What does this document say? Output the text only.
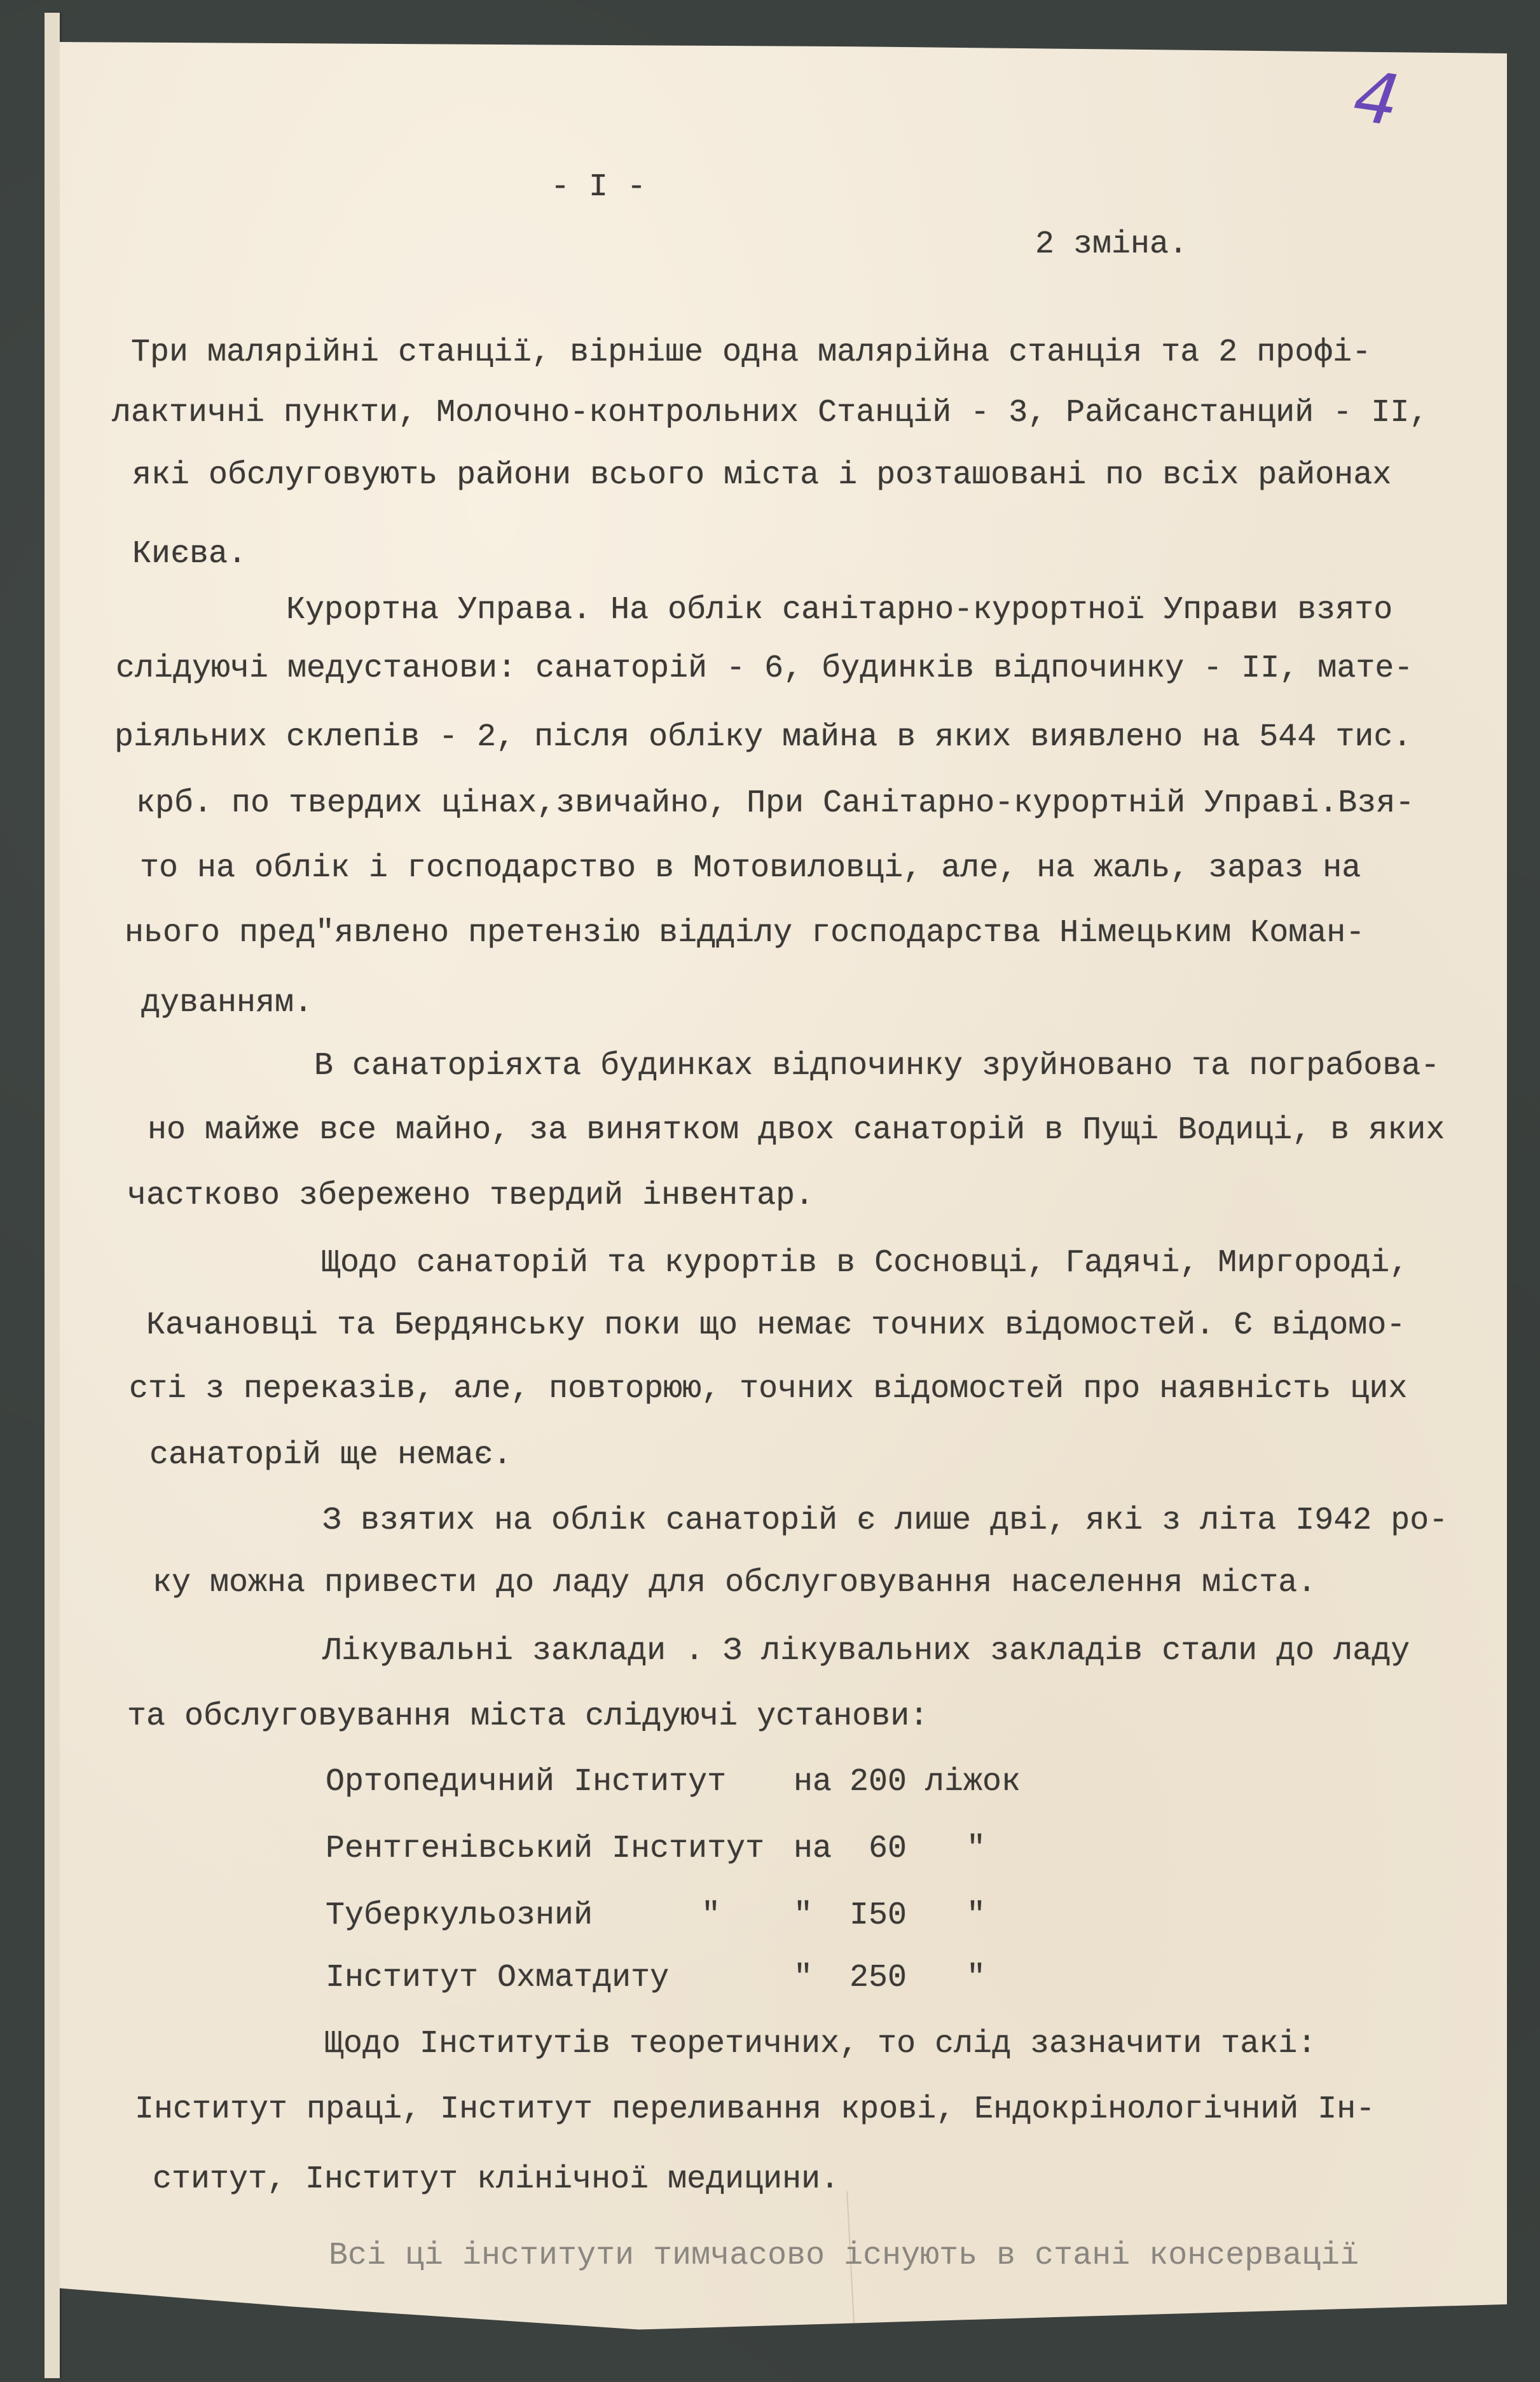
4
- I -
2 зміна.
Три малярійні станції, вірніше одна малярійна станція та 2 профі-
лактичні пункти, Молочно-контрольних Станцій - 3, Райсанстанций - II,
які обслуговують райони всього міста і розташовані по всіх районах
Києва.
Курортна Управа. На облік санітарно-курортної Управи взято
слідуючі медустанови: санаторій - 6, будинків відпочинку - II, мате-
ріяльних склепів - 2, після обліку майна в яких виявлено на 544 тис.
крб. по твердих цінах,звичайно, При Санітарно-курортній Управі.Взя-
то на облік і господарство в Мотовиловці, але, на жаль, зараз на
нього пред"явлено претензію відділу господарства Німецьким Коман-
дуванням.
В санаторіяхта будинках відпочинку зруйновано та пограбова-
но майже все майно, за винятком двох санаторій в Пущі Водиці, в яких
частково збережено твердий інвентар.
Щодо санаторій та курортів в Сосновці, Гадячі, Миргороді,
Качановці та Бердянську поки що немає точних відомостей. Є відомо-
сті з переказів, але, повторюю, точних відомостей про наявність цих
санаторій ще немає.
З взятих на облік санаторій є лише дві, які з літа I942 ро-
ку можна привести до ладу для обслуговування населення міста.
Лікувальні заклади . З лікувальних закладів стали до ладу
та обслуговування міста слідуючі установи:
Ортопедичний Інститут на 200 ліжок
Рентгенівський Інститут на 60 "
Туберкульозний	" " I50 "
Інститут Охматдиту	" 250 "
Щодо Інститутів теоретичних, то слід зазначити такі:
Інститут праці, Інститут переливання крові, Ендокрінологічний Ін-
ститут, Інститут клінічної медицини.
Всі ці інститути тимчасово існують в стані консервації
